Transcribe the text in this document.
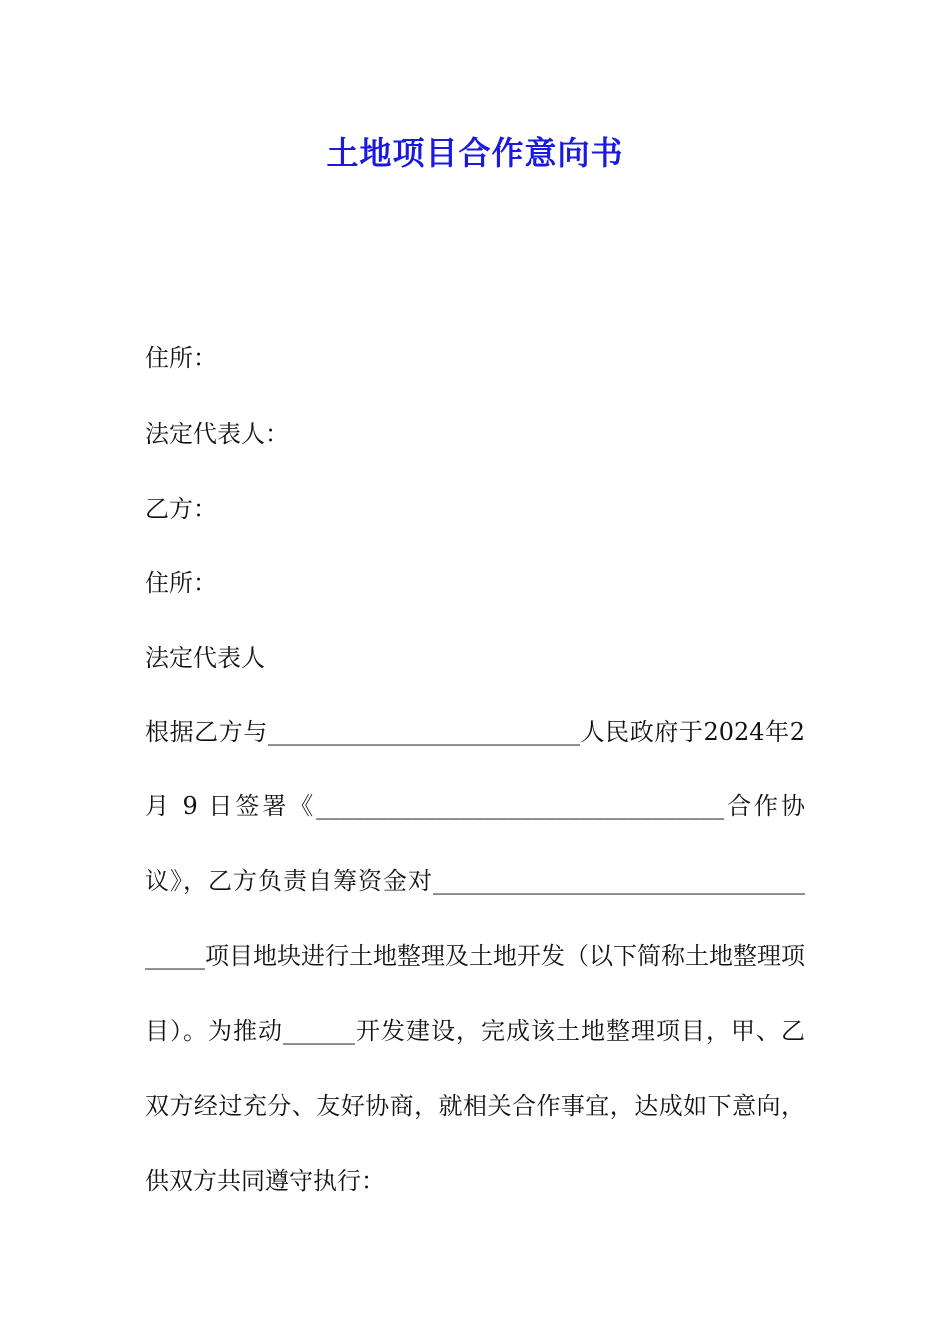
土地项目合作意向书

住所：

法定代表人：

乙方：

住所：

法定代表人

根据乙方与__________________________人民政府于2024年2

月 9 日签署《__________________________________合作协

议》，乙方负责自筹资金对_______________________________

_____项目地块进行土地整理及土地开发（以下简称土地整理项

目）。为推动______开发建设，完成该土地整理项目，甲、乙

双方经过充分、友好协商，就相关合作事宜，达成如下意向，

供双方共同遵守执行：
